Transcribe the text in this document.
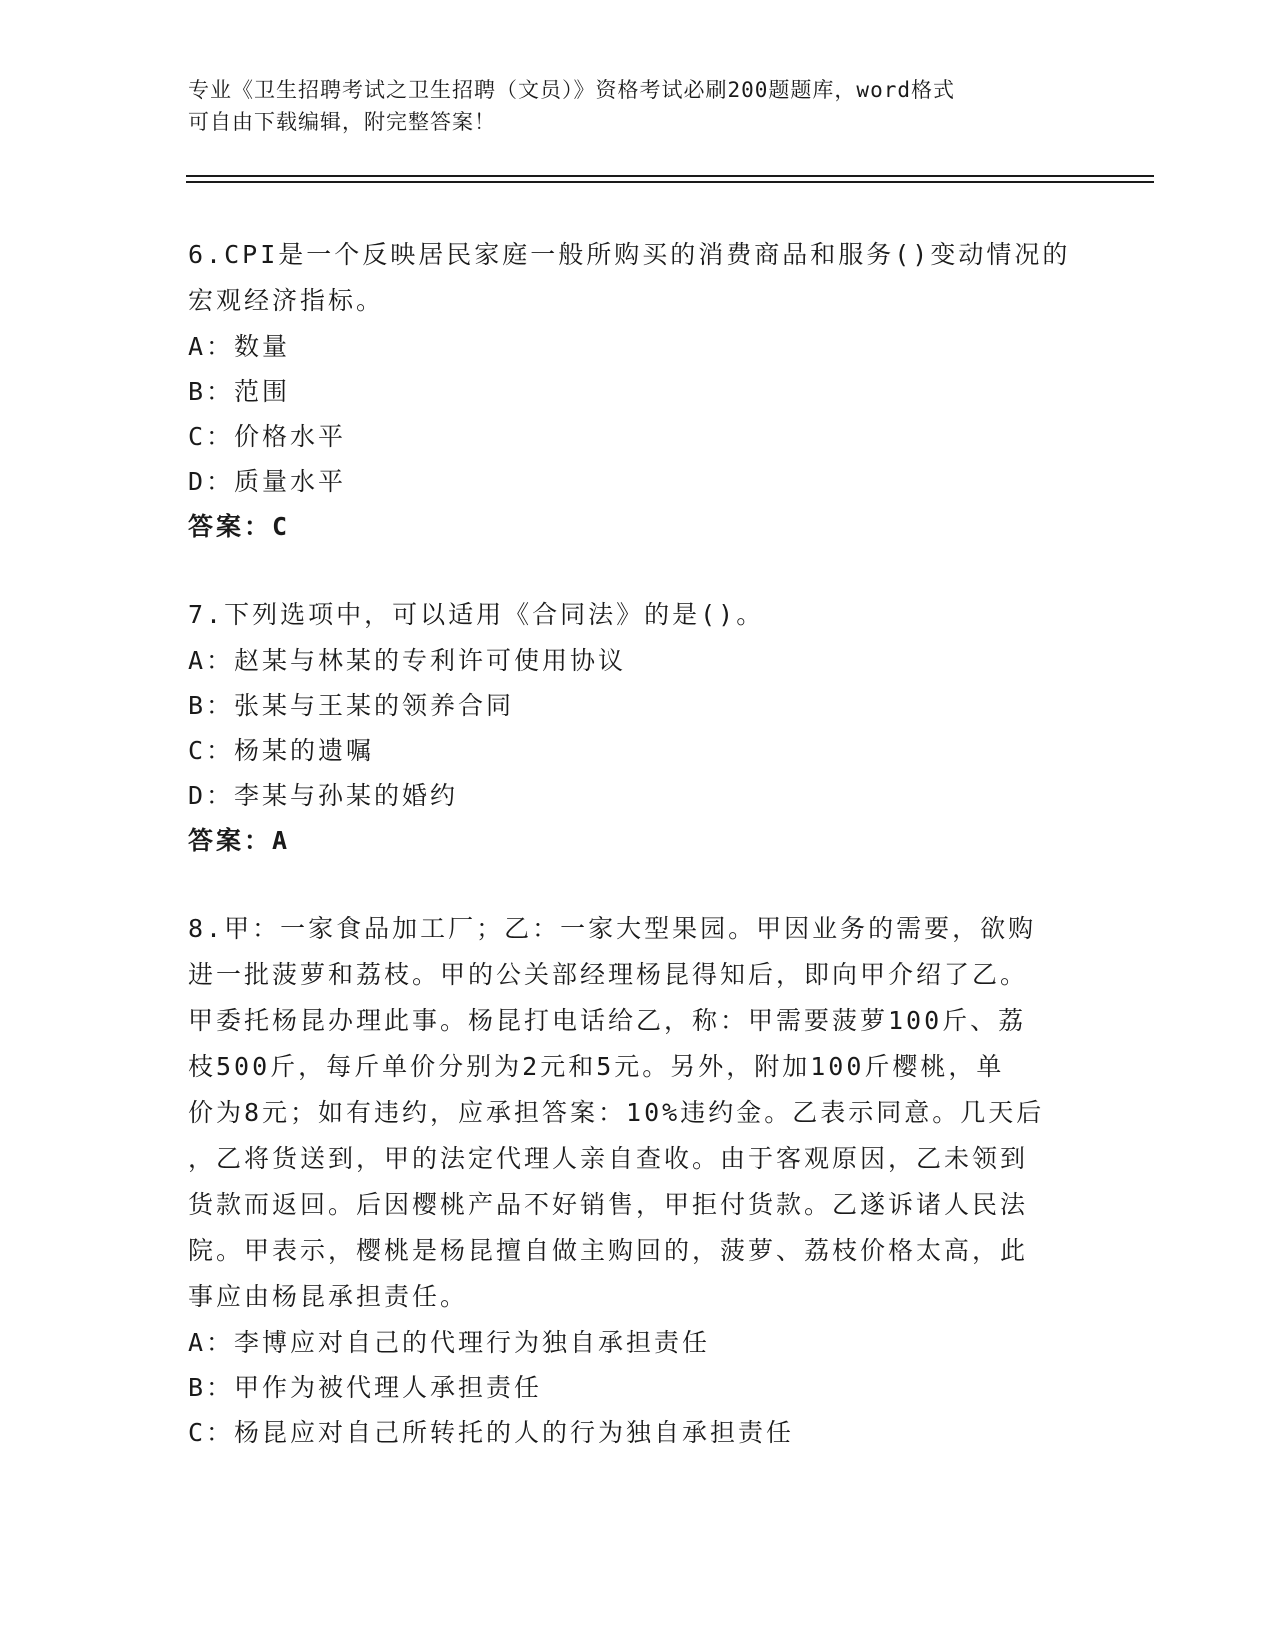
专业《卫生招聘考试之卫生招聘（文员）》资格考试必刷200题题库，word格式
可自由下载编辑，附完整答案！
6.CPI是一个反映居民家庭一般所购买的消费商品和服务()变动情况的
宏观经济指标。
A：数量
B：范围
C：价格水平
D：质量水平
答案：C
7.下列选项中，可以适用《合同法》的是()。
A：赵某与林某的专利许可使用协议
B：张某与王某的领养合同
C：杨某的遗嘱
D：李某与孙某的婚约
答案：A
8.甲：一家食品加工厂；乙：一家大型果园。甲因业务的需要，欲购
进一批菠萝和荔枝。甲的公关部经理杨昆得知后，即向甲介绍了乙。
甲委托杨昆办理此事。杨昆打电话给乙，称：甲需要菠萝100斤、荔
枝500斤，每斤单价分别为2元和5元。另外，附加100斤樱桃，单
价为8元；如有违约，应承担答案：10%违约金。乙表示同意。几天后
，乙将货送到，甲的法定代理人亲自查收。由于客观原因，乙未领到
货款而返回。后因樱桃产品不好销售，甲拒付货款。乙遂诉诸人民法
院。甲表示，樱桃是杨昆擅自做主购回的，菠萝、荔枝价格太高，此
事应由杨昆承担责任。
A：李博应对自己的代理行为独自承担责任
B：甲作为被代理人承担责任
C：杨昆应对自己所转托的人的行为独自承担责任
